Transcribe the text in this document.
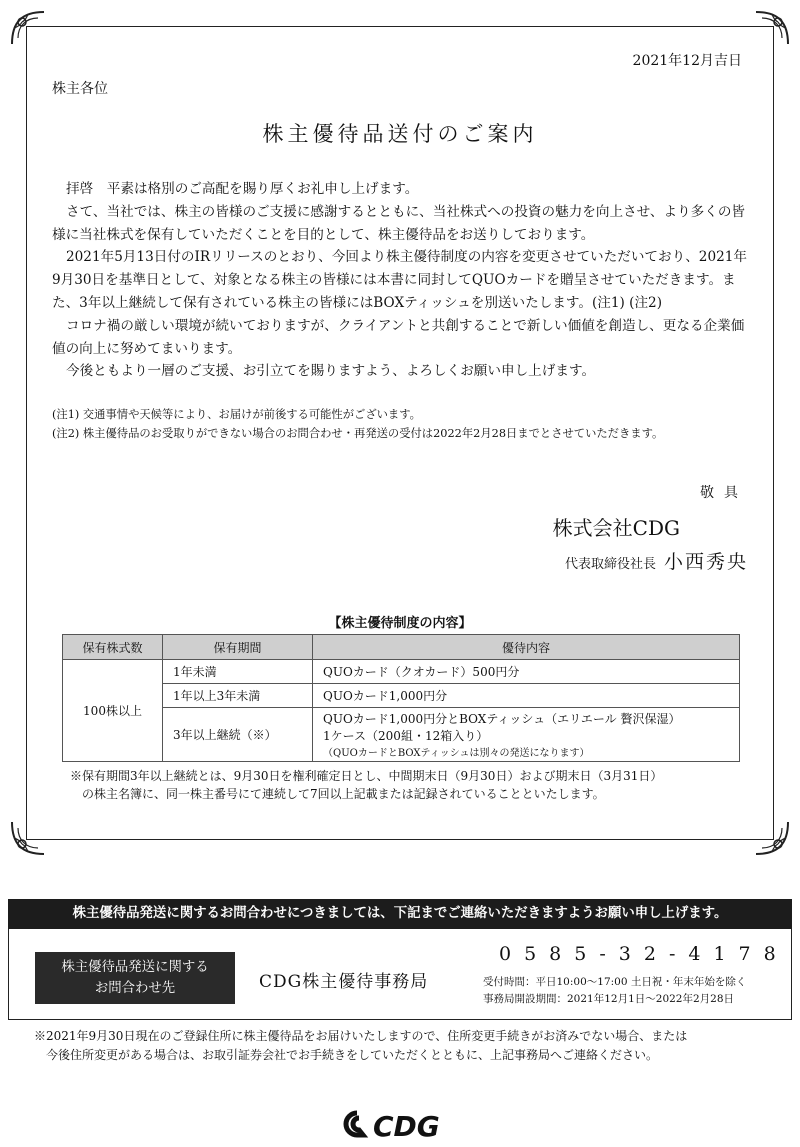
2021年12月吉日
株主各位
株主優待品送付のご案内

拝啓　平素は格別のご高配を賜り厚くお礼申し上げます。

さて、当社では、株主の皆様のご支援に感謝するとともに、当社株式への投資の魅力を向上させ、より多くの皆様に当社株式を保有していただくことを目的として、株主優待品をお送りしております。

2021年5月13日付のIRリリースのとおり、今回より株主優待制度の内容を変更させていただいており、2021年9月30日を基準日として、対象となる株主の皆様には本書に同封してQUOカードを贈呈させていただきます。また、3年以上継続して保有されている株主の皆様にはBOXティッシュを別送いたします。(注1) (注2)

コロナ禍の厳しい環境が続いておりますが、クライアントと共創することで新しい価値を創造し、更なる企業価値の向上に努めてまいります。

今後ともより一層のご支援、お引立てを賜りますよう、よろしくお願い申し上げます。

(注1) 交通事情や天候等により、お届けが前後する可能性がございます。
(注2) 株主優待品のお受取りができない場合のお問合わせ・再発送の受付は2022年2月28日までとさせていただきます。
敬具
株式会社CDG
代表取締役社長 小西秀央
【株主優待制度の内容】
保有株式数	保有期間	優待内容
100株以上	1年未満	QUOカード（クオカード）500円分
	1年以上3年未満	QUOカード1,000円分
	3年以上継続（※）	QUOカード1,000円分とBOXティッシュ（エリエール 贅沢保湿）
1ケース（200組・12箱入り）
（QUOカードとBOXティッシュは別々の発送になります）
※保有期間3年以上継続とは、9月30日を権利確定日とし、中間期末日（9月30日）および期末日（3月31日）
の株主名簿に、同一株主番号にて連続して7回以上記載または記録されていることといたします。
株主優待品発送に関するお問合わせにつきましては、下記までご連絡いただきますようお願い申し上げます。
株主優待品発送に関する
お問合わせ先	CDG株主優待事務局
0585-32-4178
受付時間：平日10:00～17:00 土日祝・年末年始を除く
事務局開設期間：2021年12月1日～2022年2月28日
※2021年9月30日現在のご登録住所に株主優待品をお届けいたしますので、住所変更手続きがお済みでない場合、または
今後住所変更がある場合は、お取引証券会社でお手続きをしていただくとともに、上記事務局へご連絡ください。
CDG
